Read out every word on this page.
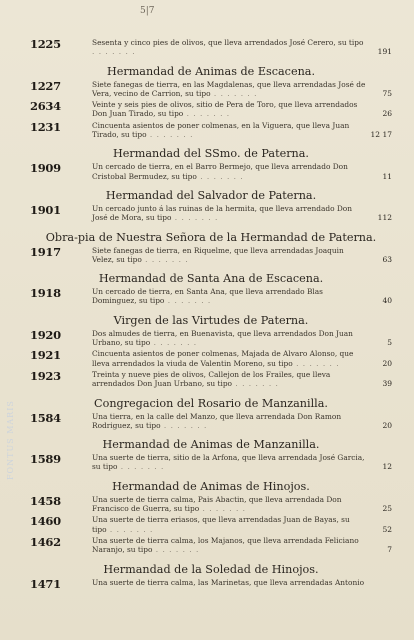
5|7
FONTUS MARIS
1225	Sesenta y cinco pies de olivos, que lleva arrendados José Cerero, su tipo . . . . . . .	191
Hermandad de Animas de Escacena.
1227	Siete fanegas de tierra, en las Magdalenas, que lleva arrendadas José de Vera, vecino de Carrion, su tipo . . . . . . .	75
2634	Veinte y seis pies de olivos, sitio de Pera de Toro, que lleva arrendados Don Juan Tirado, su tipo . . . . . . .	26
1231	Cincuenta asientos de poner colmenas, en la Viguera, que lleva Juan Tirado, su tipo . . . . . . .	12 17
Hermandad del SSmo. de Paterna.
1909	Un cercado de tierra, en el Barro Bermejo, que lleva arrendado Don Cristobal Bermudez, su tipo . . . . . . .	11
Hermandad del Salvador de Paterna.
1901	Un cercado junto á las ruinas de la hermita, que lleva arrendado Don José de Mora, su tipo . . . . . . .	112
Obra-pia de Nuestra Señora de la Hermandad de Paterna.
1917	Siete fanegas de tierra, en Riquelme, que lleva arrendadas Joaquin Velez, su tipo . . . . . . .	63
Hermandad de Santa Ana de Escacena.
1918	Un cercado de tierra, en Santa Ana, que lleva arrendado Blas Dominguez, su tipo . . . . . . .	40
Virgen de las Virtudes de Paterna.
1920	Dos almudes de tierra, en Buenavista, que lleva arrendados Don Juan Urbano, su tipo . . . . . . .	5
1921	Cincuenta asientos de poner colmenas, Majada de Alvaro Alonso, que lleva arrendados la viuda de Valentin Moreno, su tipo . . . . . . .	20
1923	Treinta y nueve pies de olivos, Callejon de los Frailes, que lleva arrendados Don Juan Urbano, su tipo . . . . . . .	39
Congregacion del Rosario de Manzanilla.
1584	Una tierra, en la calle del Manzo, que lleva arrendada Don Ramon Rodriguez, su tipo . . . . . . .	20
Hermandad de Animas de Manzanilla.
1589	Una suerte de tierra, sitio de la Arfona, que lleva arrendada José Garcia, su tipo . . . . . . .	12
Hermandad de Animas de Hinojos.
1458	Una suerte de tierra calma, Pais Abactin, que lleva arrendada Don Francisco de Guerra, su tipo . . . . . . .	25
1460	Una suerte de tierra eriasos, que lleva arrendadas Juan de Bayas, su tipo . . . . . . .	52
1462	Una suerte de tierra calma, los Majanos, que lleva arrendada Feliciano Naranjo, su tipo . . . . . . .	7
Hermandad de la Soledad de Hinojos.
1471	Una suerte de tierra calma, las Marinetas, que lleva arrendadas Antonio
